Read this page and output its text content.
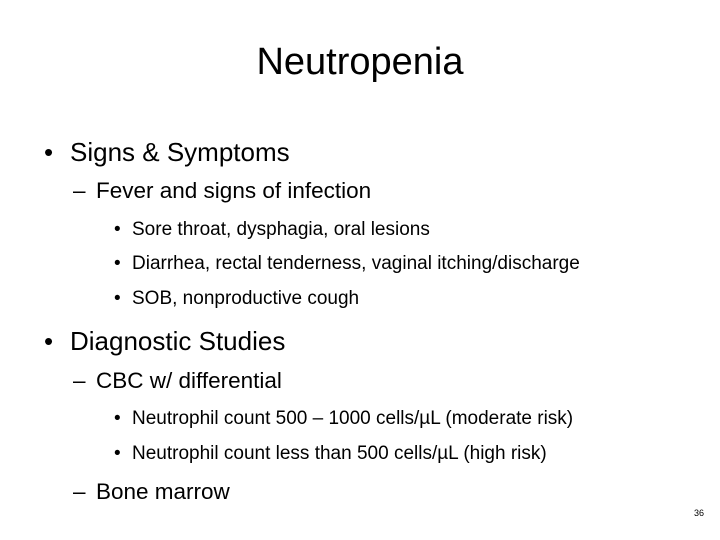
Neutropenia
• Signs & Symptoms
– Fever and signs of infection
• Sore throat, dysphagia, oral lesions
• Diarrhea, rectal tenderness, vaginal itching/discharge
• SOB, nonproductive cough
• Diagnostic Studies
– CBC w/ differential
• Neutrophil count 500 – 1000 cells/µL (moderate risk)
• Neutrophil count less than 500 cells/µL (high risk)
– Bone marrow
36
